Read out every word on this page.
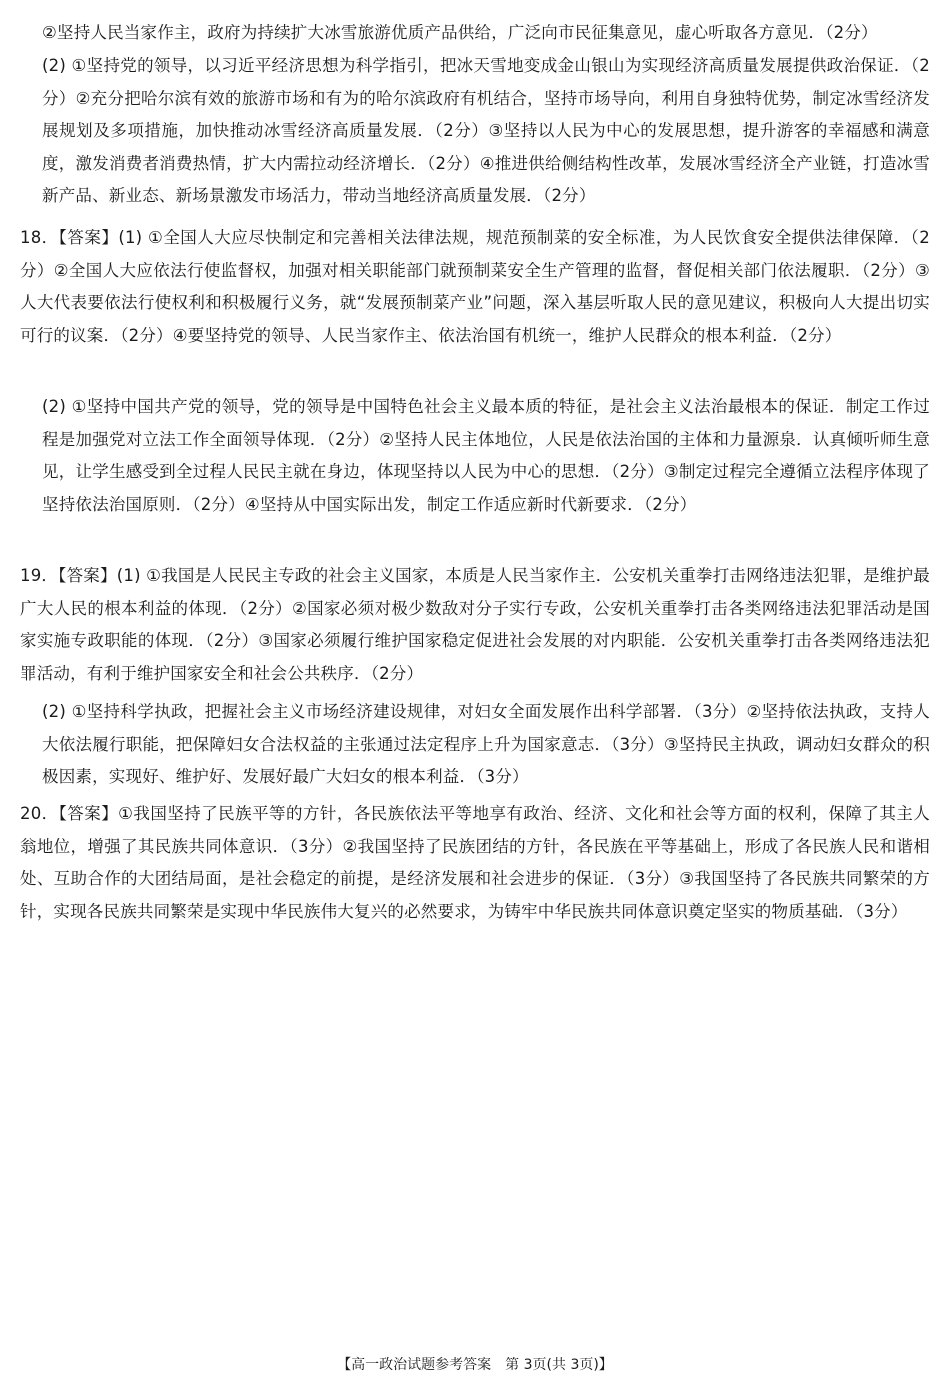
②坚持人民当家作主，政府为持续扩大冰雪旅游优质产品供给，广泛向市民征集意见，虚心听取各方意见．（2分）

(2) ①坚持党的领导，以习近平经济思想为科学指引，把冰天雪地变成金山银山为实现经济高质量发展提供政治保证．（2分）②充分把哈尔滨有效的旅游市场和有为的哈尔滨政府有机结合，坚持市场导向，利用自身独特优势，制定冰雪经济发展规划及多项措施，加快推动冰雪经济高质量发展．（2分）③坚持以人民为中心的发展思想，提升游客的幸福感和满意度，激发消费者消费热情，扩大内需拉动经济增长．（2分）④推进供给侧结构性改革，发展冰雪经济全产业链，打造冰雪新产品、新业态、新场景激发市场活力，带动当地经济高质量发展．（2分）

18．【答案】(1) ①全国人大应尽快制定和完善相关法律法规，规范预制菜的安全标准，为人民饮食安全提供法律保障．（2分）②全国人大应依法行使监督权，加强对相关职能部门就预制菜安全生产管理的监督，督促相关部门依法履职．（2分）③人大代表要依法行使权利和积极履行义务，就“发展预制菜产业”问题，深入基层听取人民的意见建议，积极向人大提出切实可行的议案．（2分）④要坚持党的领导、人民当家作主、依法治国有机统一，维护人民群众的根本利益．（2分）

(2) ①坚持中国共产党的领导，党的领导是中国特色社会主义最本质的特征，是社会主义法治最根本的保证．制定工作过程是加强党对立法工作全面领导体现．（2分）②坚持人民主体地位，人民是依法治国的主体和力量源泉．认真倾听师生意见，让学生感受到全过程人民民主就在身边，体现坚持以人民为中心的思想．（2分）③制定过程完全遵循立法程序体现了坚持依法治国原则．（2分）④坚持从中国实际出发，制定工作适应新时代新要求．（2分）

19．【答案】(1) ①我国是人民民主专政的社会主义国家，本质是人民当家作主．公安机关重拳打击网络违法犯罪，是维护最广大人民的根本利益的体现．（2分）②国家必须对极少数敌对分子实行专政，公安机关重拳打击各类网络违法犯罪活动是国家实施专政职能的体现．（2分）③国家必须履行维护国家稳定促进社会发展的对内职能．公安机关重拳打击各类网络违法犯罪活动，有利于维护国家安全和社会公共秩序．（2分）

(2) ①坚持科学执政，把握社会主义市场经济建设规律，对妇女全面发展作出科学部署．（3分）②坚持依法执政，支持人大依法履行职能，把保障妇女合法权益的主张通过法定程序上升为国家意志．（3分）③坚持民主执政，调动妇女群众的积极因素，实现好、维护好、发展好最广大妇女的根本利益．（3分）

20．【答案】①我国坚持了民族平等的方针，各民族依法平等地享有政治、经济、文化和社会等方面的权利，保障了其主人翁地位，增强了其民族共同体意识．（3分）②我国坚持了民族团结的方针，各民族在平等基础上，形成了各民族人民和谐相处、互助合作的大团结局面，是社会稳定的前提，是经济发展和社会进步的保证．（3分）③我国坚持了各民族共同繁荣的方针，实现各民族共同繁荣是实现中华民族伟大复兴的必然要求，为铸牢中华民族共同体意识奠定坚实的物质基础．（3分）

【高一政治试题参考答案　第 3页(共 3页)】
